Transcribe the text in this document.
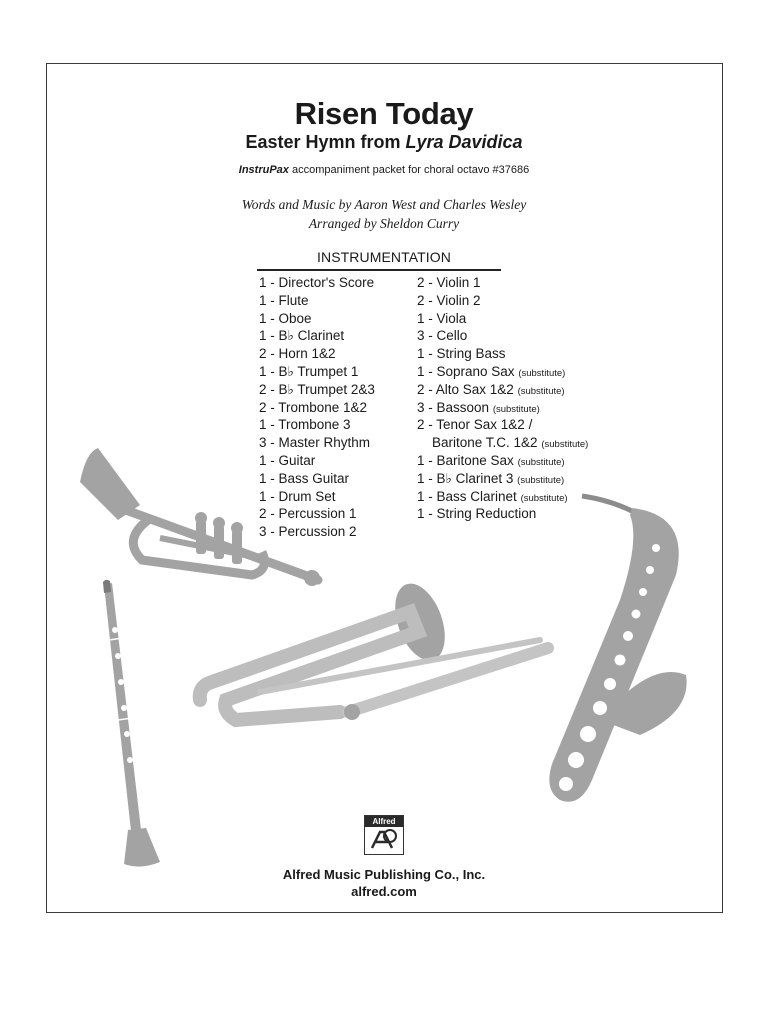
Risen Today
Easter Hymn from Lyra Davidica
InstruPax accompaniment packet for choral octavo #37686
Words and Music by Aaron West and Charles Wesley
Arranged by Sheldon Curry
INSTRUMENTATION
1 - Director's Score
1 - Flute
1 - Oboe
1 - B♭ Clarinet
2 - Horn 1&2
1 - B♭ Trumpet 1
2 - B♭ Trumpet 2&3
2 - Trombone 1&2
1 - Trombone 3
3 - Master Rhythm
1 - Guitar
1 - Bass Guitar
1 - Drum Set
2 - Percussion 1
3 - Percussion 2
2 - Violin 1
2 - Violin 2
1 - Viola
3 - Cello
1 - String Bass
1 - Soprano Sax (substitute)
2 - Alto Sax 1&2 (substitute)
3 - Bassoon (substitute)
2 - Tenor Sax 1&2 /
Baritone T.C. 1&2 (substitute)
1 - Baritone Sax (substitute)
1 - B♭ Clarinet 3 (substitute)
1 - Bass Clarinet (substitute)
1 - String Reduction
Alfred
Alfred Music Publishing Co., Inc.
alfred.com
